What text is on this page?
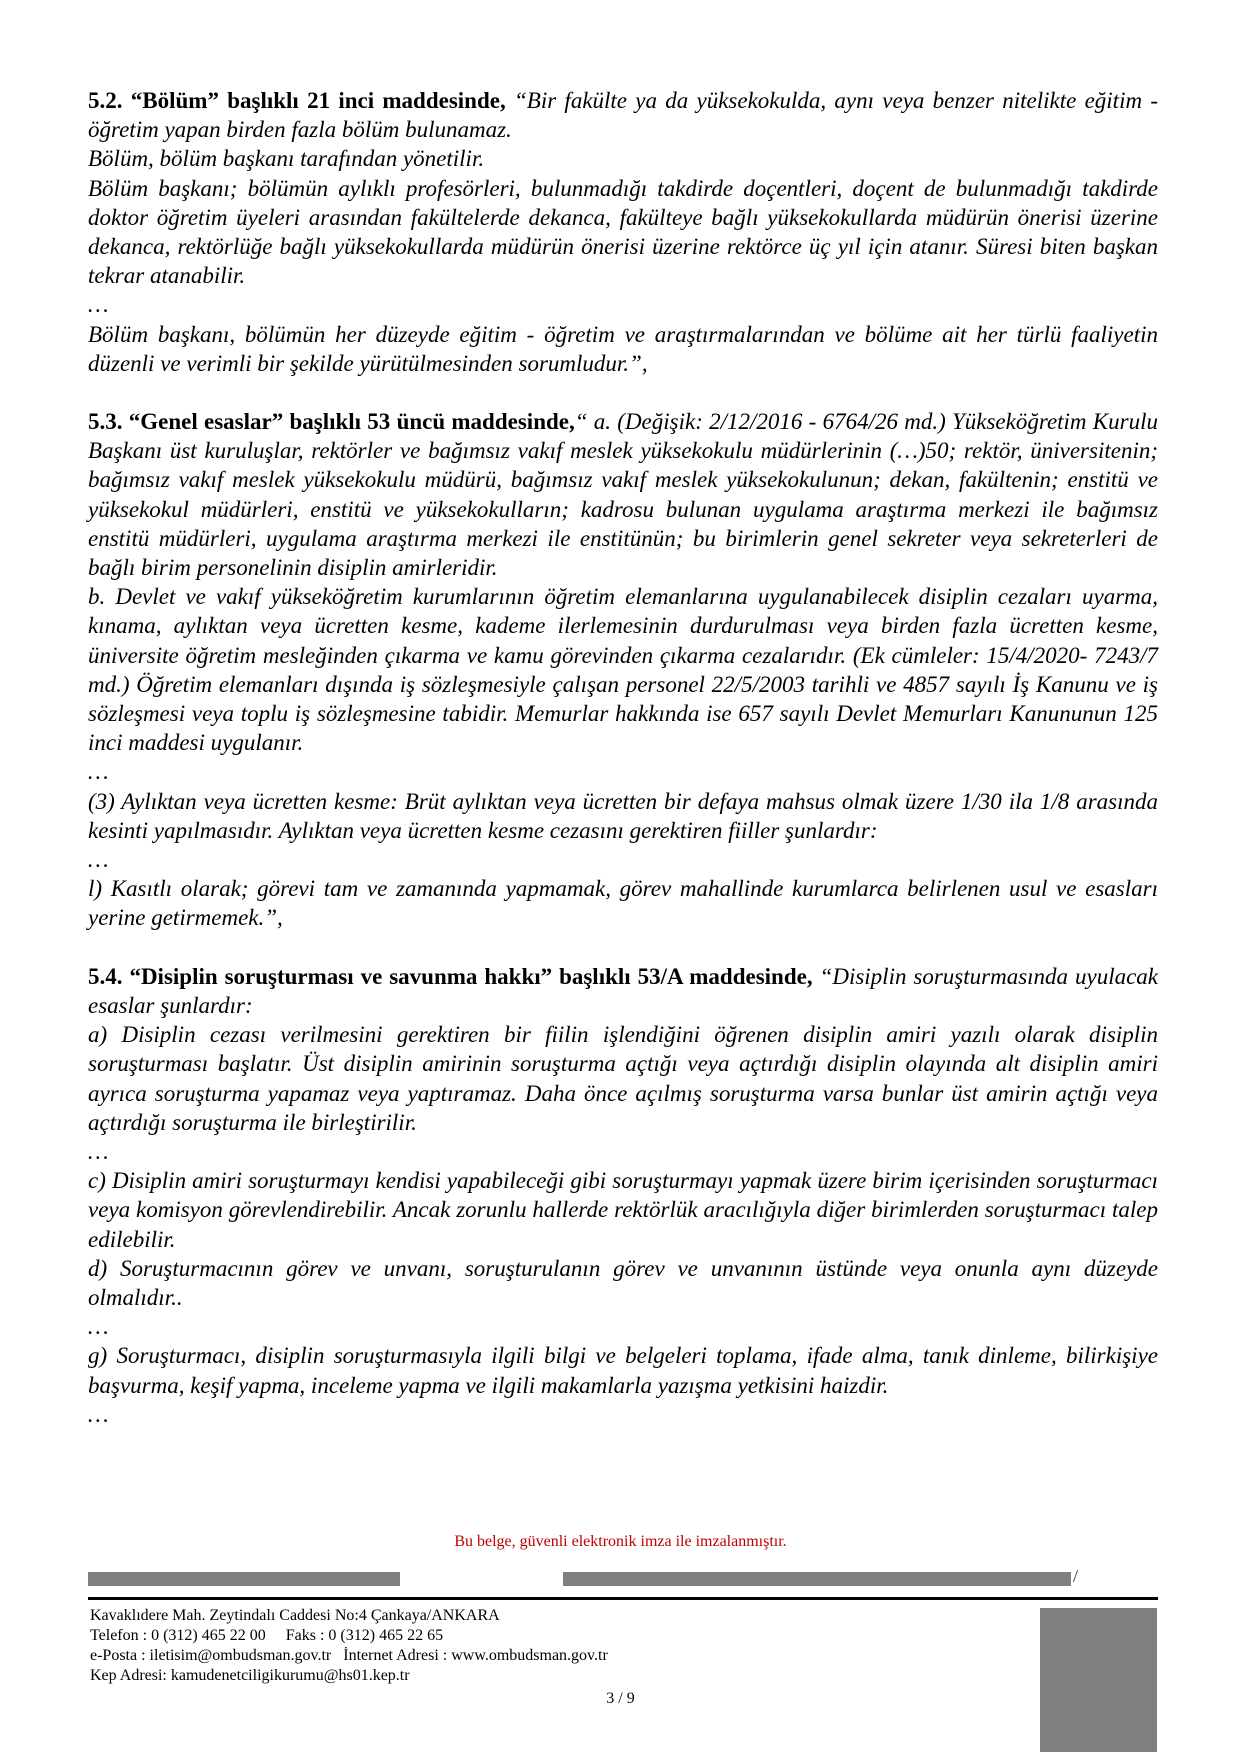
5.2. “Bölüm” başlıklı 21 inci maddesinde, “Bir fakülte ya da yüksekokulda, aynı veya benzer nitelikte eğitim - öğretim yapan birden fazla bölüm bulunamaz.
Bölüm, bölüm başkanı tarafından yönetilir.
Bölüm başkanı; bölümün aylıklı profesörleri, bulunmadığı takdirde doçentleri, doçent de bulunmadığı takdirde doktor öğretim üyeleri arasından fakültelerde dekanca, fakülteye bağlı yüksekokullarda müdürün önerisi üzerine dekanca, rektörlüğe bağlı yüksekokullarda müdürün önerisi üzerine rektörce üç yıl için atanır. Süresi biten başkan tekrar atanabilir.
…
Bölüm başkanı, bölümün her düzeyde eğitim - öğretim ve araştırmalarından ve bölüme ait her türlü faaliyetin düzenli ve verimli bir şekilde yürütülmesinden sorumludur.”,
5.3. “Genel esaslar” başlıklı 53 üncü maddesinde,“ a. (Değişik: 2/12/2016 - 6764/26 md.) Yükseköğretim Kurulu Başkanı üst kuruluşlar, rektörler ve bağımsız vakıf meslek yüksekokulu müdürlerinin (…)50; rektör, üniversitenin; bağımsız vakıf meslek yüksekokulu müdürü, bağımsız vakıf meslek yüksekokulunun; dekan, fakültenin; enstitü ve yüksekokul müdürleri, enstitü ve yüksekokulların; kadrosu bulunan uygulama araştırma merkezi ile bağımsız enstitü müdürleri, uygulama araştırma merkezi ile enstitünün; bu birimlerin genel sekreter veya sekreterleri de bağlı birim personelinin disiplin amirleridir.
b. Devlet ve vakıf yükseköğretim kurumlarının öğretim elemanlarına uygulanabilecek disiplin cezaları uyarma, kınama, aylıktan veya ücretten kesme, kademe ilerlemesinin durdurulması veya birden fazla ücretten kesme, üniversite öğretim mesleğinden çıkarma ve kamu görevinden çıkarma cezalarıdır. (Ek cümleler: 15/4/2020- 7243/7 md.) Öğretim elemanları dışında iş sözleşmesiyle çalışan personel 22/5/2003 tarihli ve 4857 sayılı İş Kanunu ve iş sözleşmesi veya toplu iş sözleşmesine tabidir. Memurlar hakkında ise 657 sayılı Devlet Memurları Kanununun 125 inci maddesi uygulanır.
…
(3) Aylıktan veya ücretten kesme: Brüt aylıktan veya ücretten bir defaya mahsus olmak üzere 1/30 ila 1/8 arasında kesinti yapılmasıdır. Aylıktan veya ücretten kesme cezasını gerektiren fiiller şunlardır:
…
l) Kasıtlı olarak; görevi tam ve zamanında yapmamak, görev mahallinde kurumlarca belirlenen usul ve esasları yerine getirmemek.”,
5.4. “Disiplin soruşturması ve savunma hakkı” başlıklı 53/A maddesinde, “Disiplin soruşturmasında uyulacak esaslar şunlardır:
a) Disiplin cezası verilmesini gerektiren bir fiilin işlendiğini öğrenen disiplin amiri yazılı olarak disiplin soruşturması başlatır. Üst disiplin amirinin soruşturma açtığı veya açtırdığı disiplin olayında alt disiplin amiri ayrıca soruşturma yapamaz veya yaptıramaz. Daha önce açılmış soruşturma varsa bunlar üst amirin açtığı veya açtırdığı soruşturma ile birleştirilir.
…
c) Disiplin amiri soruşturmayı kendisi yapabileceği gibi soruşturmayı yapmak üzere birim içerisinden soruşturmacı veya komisyon görevlendirebilir. Ancak zorunlu hallerde rektörlük aracılığıyla diğer birimlerden soruşturmacı talep edilebilir.
d) Soruşturmacının görev ve unvanı, soruşturulanın görev ve unvanının üstünde veya onunla aynı düzeyde olmalıdır..
…
g) Soruşturmacı, disiplin soruşturmasıyla ilgili bilgi ve belgeleri toplama, ifade alma, tanık dinleme, bilirkişiye başvurma, keşif yapma, inceleme yapma ve ilgili makamlarla yazışma yetkisini haizdir.
…
Bu belge, güvenli elektronik imza ile imzalanmıştır.
/
Kavaklıdere Mah. Zeytindalı Caddesi No:4 Çankaya/ANKARA
Telefon : 0 (312) 465 22 00     Faks : 0 (312) 465 22 65
e-Posta : iletisim@ombudsman.gov.tr   İnternet Adresi : www.ombudsman.gov.tr
Kep Adresi: kamudenetciligikurumu@hs01.kep.tr
3 / 9
